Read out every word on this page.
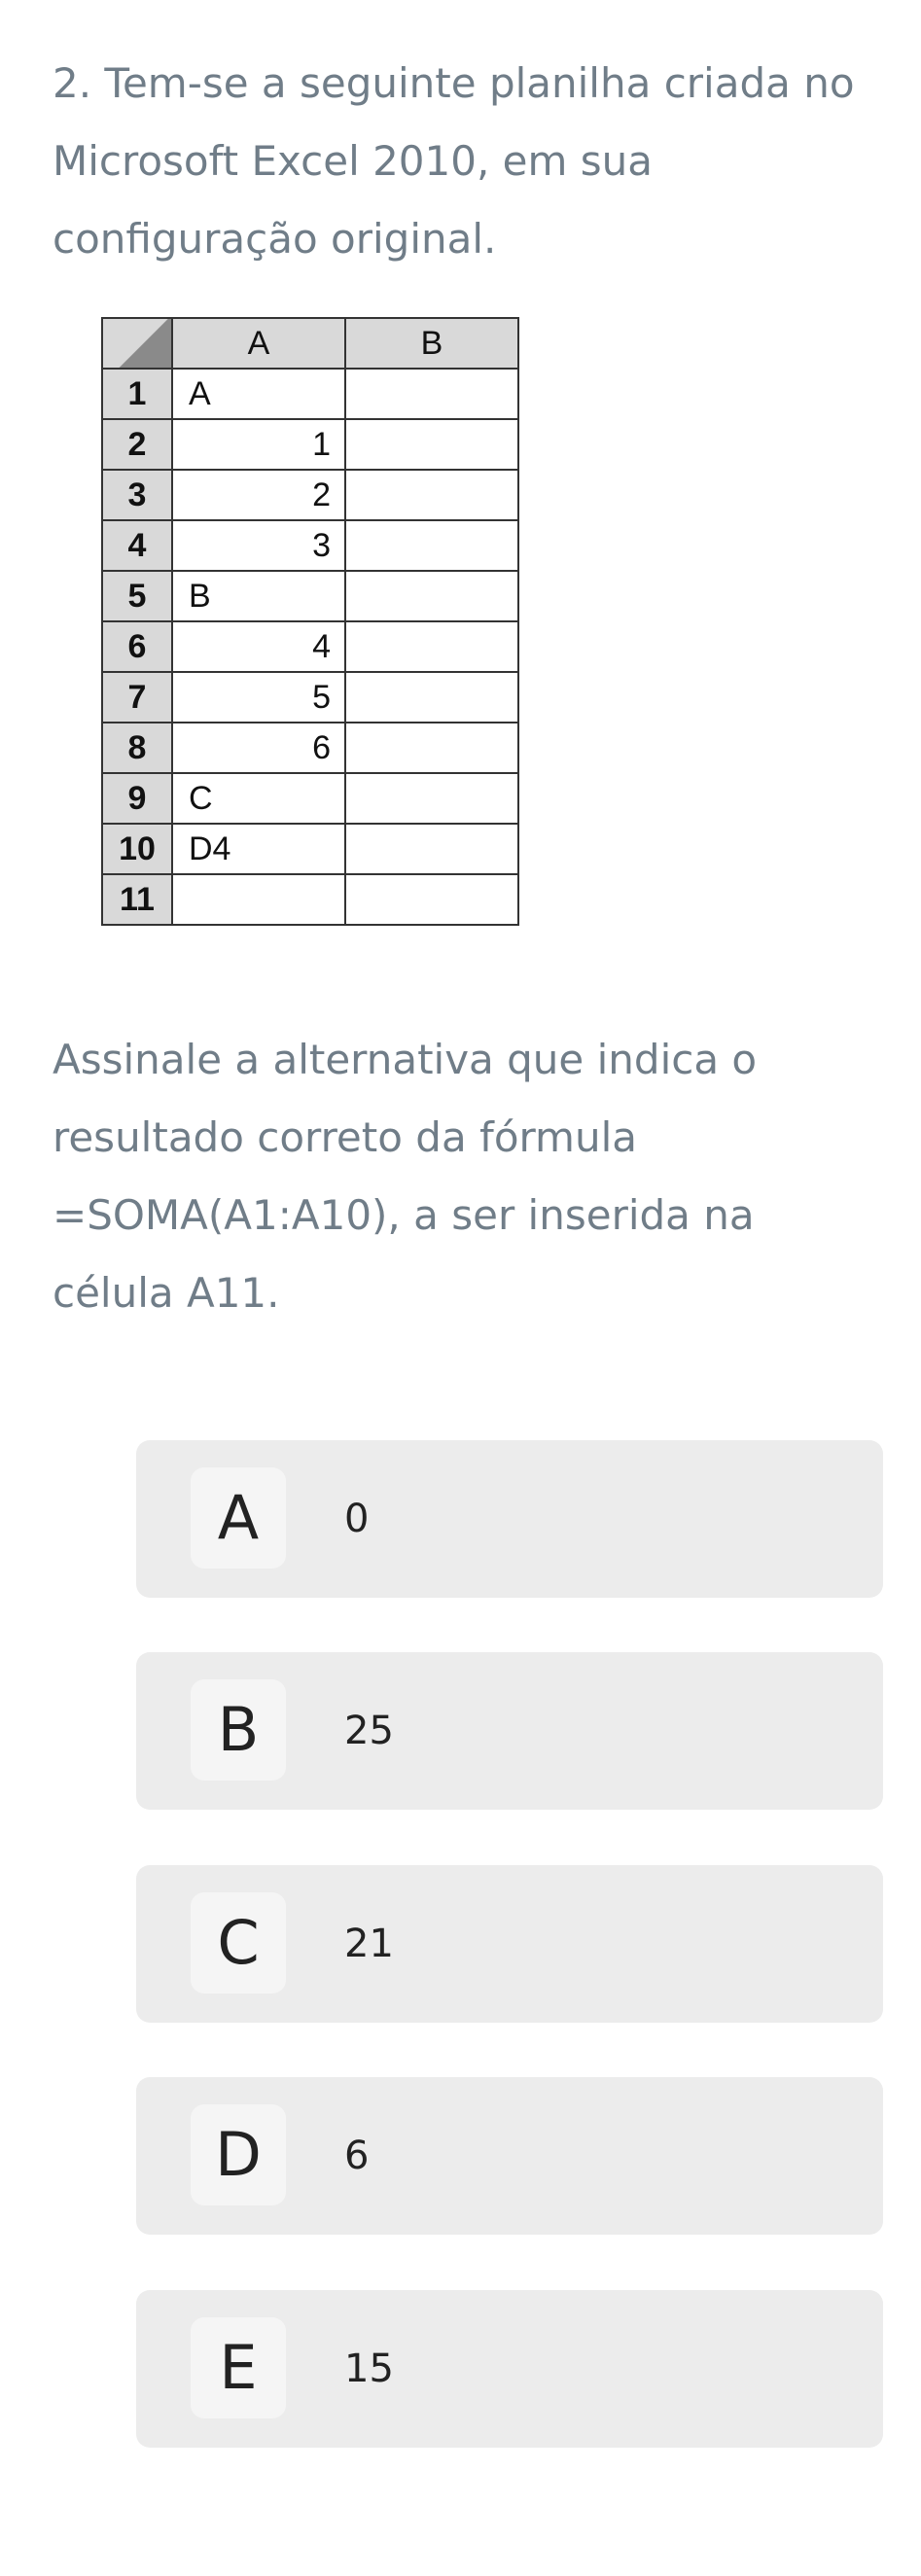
2. Tem-se a seguinte planilha criada no Microsoft Excel 2010, em sua configuração original.

	A	B
1	A	
2	1	
3	2	
4	3	
5	B	
6	4	
7	5	
8	6	
9	C	
10	D4	
11		

Assinale a alternativa que indica o resultado correto da fórmula =SOMA(A1:A10), a ser inserida na célula A11.

A	0
B	25
C	21
D	6
E	15
